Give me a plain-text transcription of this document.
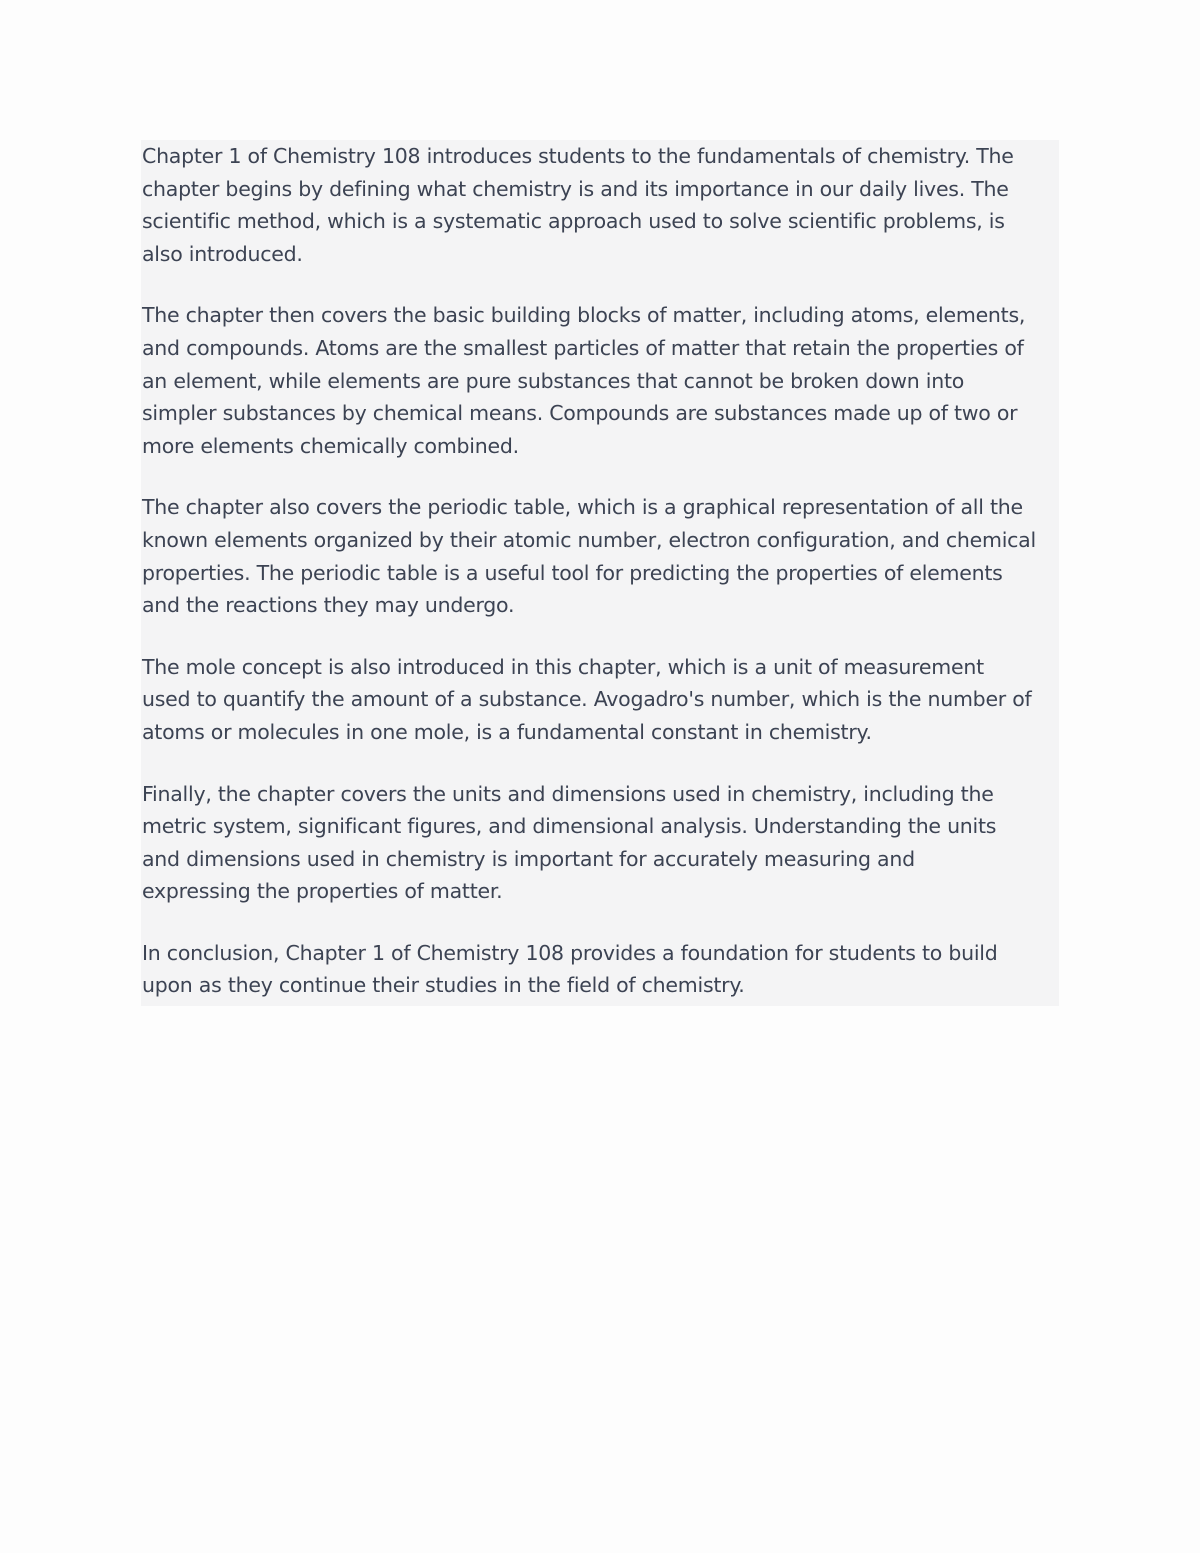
Chapter 1 of Chemistry 108 introduces students to the fundamentals of chemistry. The
chapter begins by defining what chemistry is and its importance in our daily lives. The
scientific method, which is a systematic approach used to solve scientific problems, is
also introduced.

The chapter then covers the basic building blocks of matter, including atoms, elements,
and compounds. Atoms are the smallest particles of matter that retain the properties of
an element, while elements are pure substances that cannot be broken down into
simpler substances by chemical means. Compounds are substances made up of two or
more elements chemically combined.

The chapter also covers the periodic table, which is a graphical representation of all the
known elements organized by their atomic number, electron configuration, and chemical
properties. The periodic table is a useful tool for predicting the properties of elements
and the reactions they may undergo.

The mole concept is also introduced in this chapter, which is a unit of measurement
used to quantify the amount of a substance. Avogadro's number, which is the number of
atoms or molecules in one mole, is a fundamental constant in chemistry.

Finally, the chapter covers the units and dimensions used in chemistry, including the
metric system, significant figures, and dimensional analysis. Understanding the units
and dimensions used in chemistry is important for accurately measuring and
expressing the properties of matter.

In conclusion, Chapter 1 of Chemistry 108 provides a foundation for students to build
upon as they continue their studies in the field of chemistry.
